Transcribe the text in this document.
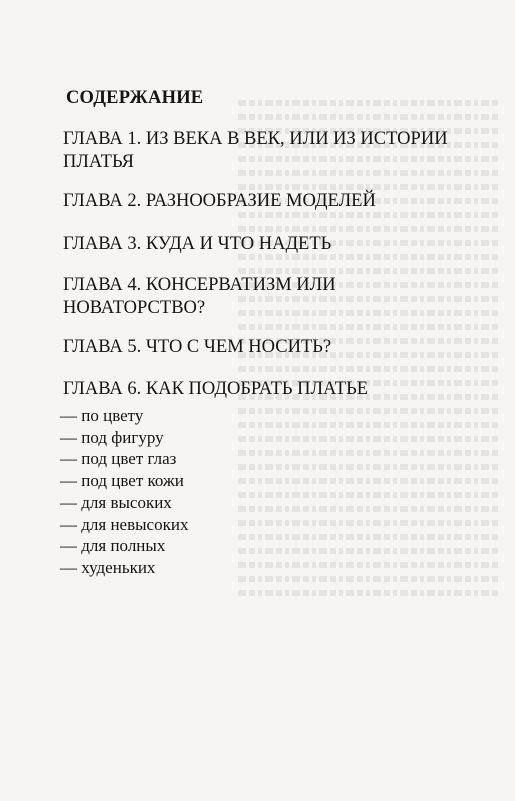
СОДЕРЖАНИЕ
ГЛАВА 1. ИЗ ВЕКА В ВЕК, ИЛИ ИЗ ИСТОРИИ
ПЛАТЬЯ
ГЛАВА 2. РАЗНООБРАЗИЕ МОДЕЛЕЙ
ГЛАВА 3. КУДА И ЧТО НАДЕТЬ
ГЛАВА 4. КОНСЕРВАТИЗМ ИЛИ
НОВАТОРСТВО?
ГЛАВА 5. ЧТО С ЧЕМ НОСИТЬ?
ГЛАВА 6. КАК ПОДОБРАТЬ ПЛАТЬЕ
— по цвету
— под фигуру
— под цвет глаз
— под цвет кожи
— для высоких
— для невысоких
— для полных
— худеньких
